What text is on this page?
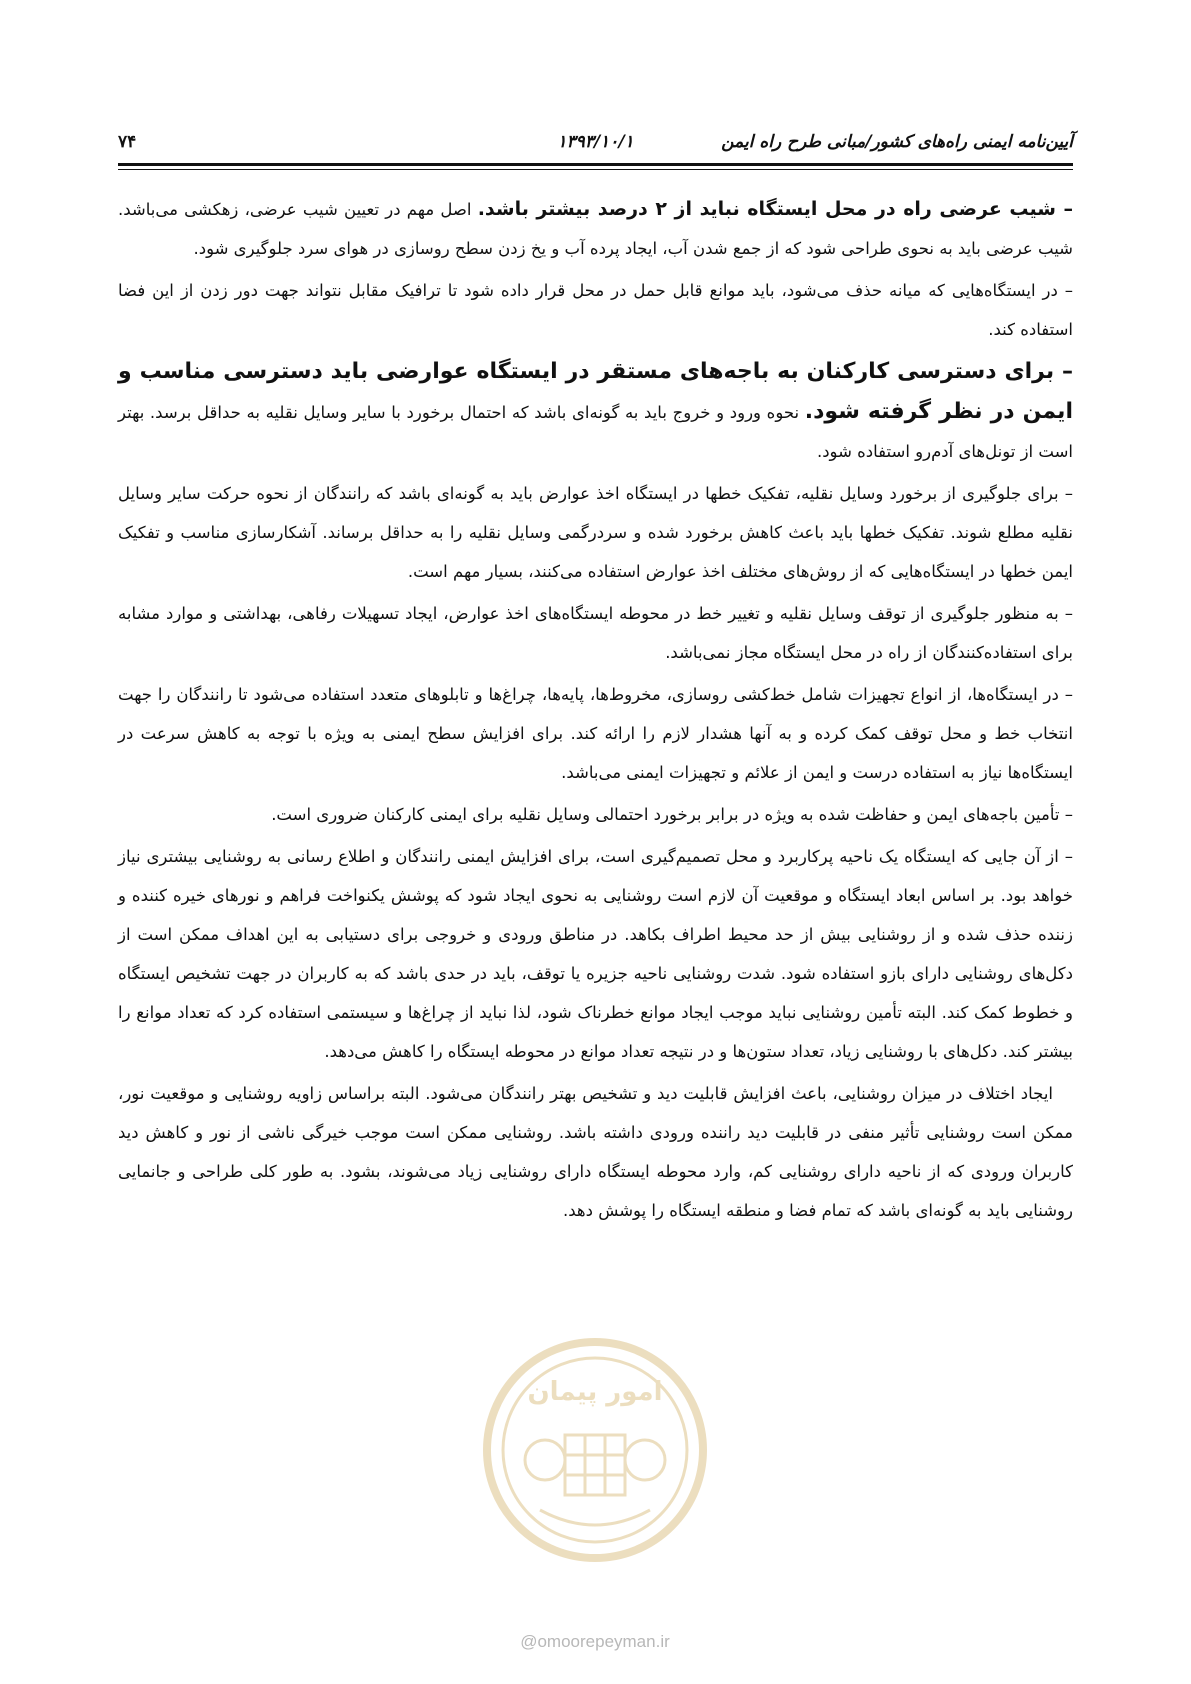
آیین‌نامه ایمنی راه‌های کشور/مبانی طرح راه ایمن
۱۳۹۳/۱۰/۱
۷۴

– شیب عرضی راه در محل ایستگاه نباید از ۲ درصد بیشتر باشد. اصل مهم در تعیین شیب عرضی، زهکشی می‌باشد. شیب عرضی باید به نحوی طراحی شود که از جمع شدن آب، ایجاد پرده آب و یخ زدن سطح روسازی در هوای سرد جلوگیری شود.

– در ایستگاه‌هایی که میانه حذف می‌شود، باید موانع قابل حمل در محل قرار داده شود تا ترافیک مقابل نتواند جهت دور زدن از این فضا استفاده کند.

– برای دسترسی کارکنان به باجه‌های مستقر در ایستگاه عوارضی باید دسترسی مناسب و ایمن در نظر گرفته شود. نحوه ورود و خروج باید به گونه‌ای باشد که احتمال برخورد با سایر وسایل نقلیه به حداقل برسد. بهتر است از تونل‌های آدم‌رو استفاده شود.

– برای جلوگیری از برخورد وسایل نقلیه، تفکیک خطها در ایستگاه اخذ عوارض باید به گونه‌ای باشد که رانندگان از نحوه حرکت سایر وسایل نقلیه مطلع شوند. تفکیک خطها باید باعث کاهش برخورد شده و سردرگمی وسایل نقلیه را به حداقل برساند. آشکارسازی مناسب و تفکیک ایمن خطها در ایستگاه‌هایی که از روش‌های مختلف اخذ عوارض استفاده می‌کنند، بسیار مهم است.

– به منظور جلوگیری از توقف وسایل نقلیه و تغییر خط در محوطه ایستگاه‌های اخذ عوارض، ایجاد تسهیلات رفاهی، بهداشتی و موارد مشابه برای استفاده‌کنندگان از راه در محل ایستگاه مجاز نمی‌باشد.

– در ایستگاه‌ها، از انواع تجهیزات شامل خط‌کشی روسازی، مخروط‌ها، پایه‌ها، چراغ‌ها و تابلوهای متعدد استفاده می‌شود تا رانندگان را جهت انتخاب خط و محل توقف کمک کرده و به آنها هشدار لازم را ارائه کند. برای افزایش سطح ایمنی به ویژه با توجه به کاهش سرعت در ایستگاه‌ها نیاز به استفاده درست و ایمن از علائم و تجهیزات ایمنی می‌باشد.

– تأمین باجه‌های ایمن و حفاظت شده به ویژه در برابر برخورد احتمالی وسایل نقلیه برای ایمنی کارکنان ضروری است.

– از آن جایی که ایستگاه یک ناحیه پرکاربرد و محل تصمیم‌گیری است، برای افزایش ایمنی رانندگان و اطلاع رسانی به روشنایی بیشتری نیاز خواهد بود. بر اساس ابعاد ایستگاه و موقعیت آن لازم است روشنایی به نحوی ایجاد شود که پوشش یکنواخت فراهم و نورهای خیره کننده و زننده حذف شده و از روشنایی بیش از حد محیط اطراف بکاهد. در مناطق ورودی و خروجی برای دستیابی به این اهداف ممکن است از دکل‌های روشنایی دارای بازو استفاده شود. شدت روشنایی ناحیه جزیره یا توقف، باید در حدی باشد که به کاربران در جهت تشخیص ایستگاه و خطوط کمک کند. البته تأمین روشنایی نباید موجب ایجاد موانع خطرناک شود، لذا نباید از چراغ‌ها و سیستمی استفاده کرد که تعداد موانع را بیشتر کند. دکل‌های با روشنایی زیاد، تعداد ستون‌ها و در نتیجه تعداد موانع در محوطه ایستگاه را کاهش می‌دهد.

ایجاد اختلاف در میزان روشنایی، باعث افزایش قابلیت دید و تشخیص بهتر رانندگان می‌شود. البته براساس زاویه روشنایی و موقعیت نور، ممکن است روشنایی تأثیر منفی در قابلیت دید راننده ورودی داشته باشد. روشنایی ممکن است موجب خیرگی ناشی از نور و کاهش دید کاربران ورودی که از ناحیه دارای روشنایی کم، وارد محوطه ایستگاه دارای روشنایی زیاد می‌شوند، بشود. به طور کلی طراحی و جانمایی روشنایی باید به گونه‌ای باشد که تمام فضا و منطقه ایستگاه را پوشش دهد.

امور پیمان
@omoorepeyman.ir
